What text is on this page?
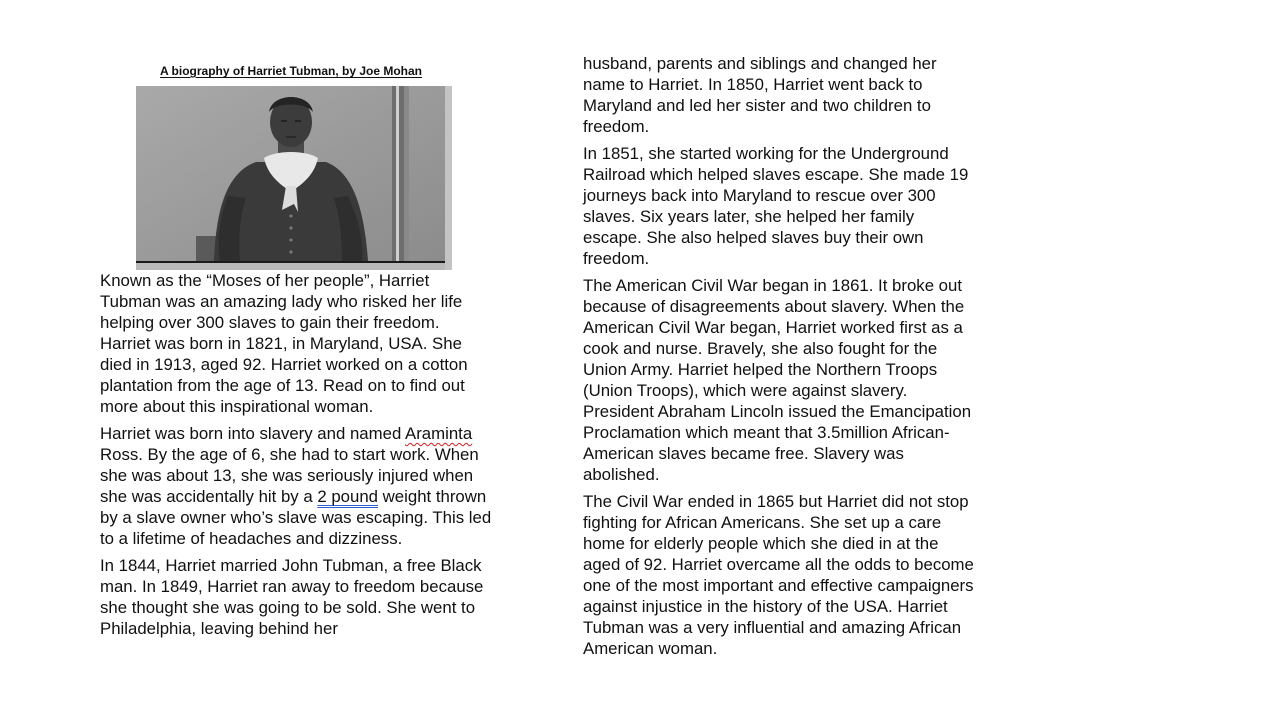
A biography of Harriet Tubman, by Joe Mohan

Known as the “Moses of her people”, Harriet Tubman was an amazing lady who risked her life helping over 300 slaves to gain their freedom. Harriet was born in 1821, in Maryland, USA. She died in 1913, aged 92. Harriet worked on a cotton plantation from the age of 13. Read on to find out more about this inspirational woman.

Harriet was born into slavery and named Araminta Ross. By the age of 6, she had to start work. When she was about 13, she was seriously injured when she was accidentally hit by a 2 pound weight thrown by a slave owner who’s slave was escaping. This led to a lifetime of headaches and dizziness.

In 1844, Harriet married John Tubman, a free Black man. In 1849, Harriet ran away to freedom because she thought she was going to be sold. She went to Philadelphia, leaving behind her

husband, parents and siblings and changed her name to Harriet. In 1850, Harriet went back to Maryland and led her sister and two children to freedom.

In 1851, she started working for the Underground Railroad which helped slaves escape. She made 19 journeys back into Maryland to rescue over 300 slaves. Six years later, she helped her family escape. She also helped slaves buy their own freedom.

The American Civil War began in 1861. It broke out because of disagreements about slavery. When the American Civil War began, Harriet worked first as a cook and nurse. Bravely, she also fought for the Union Army. Harriet helped the Northern Troops (Union Troops), which were against slavery. President Abraham Lincoln issued the Emancipation Proclamation which meant that 3.5million African-American slaves became free. Slavery was abolished.

The Civil War ended in 1865 but Harriet did not stop fighting for African Americans. She set up a care home for elderly people which she died in at the aged of 92. Harriet overcame all the odds to become one of the most important and effective campaigners against injustice in the history of the USA. Harriet Tubman was a very influential and amazing African American woman.
